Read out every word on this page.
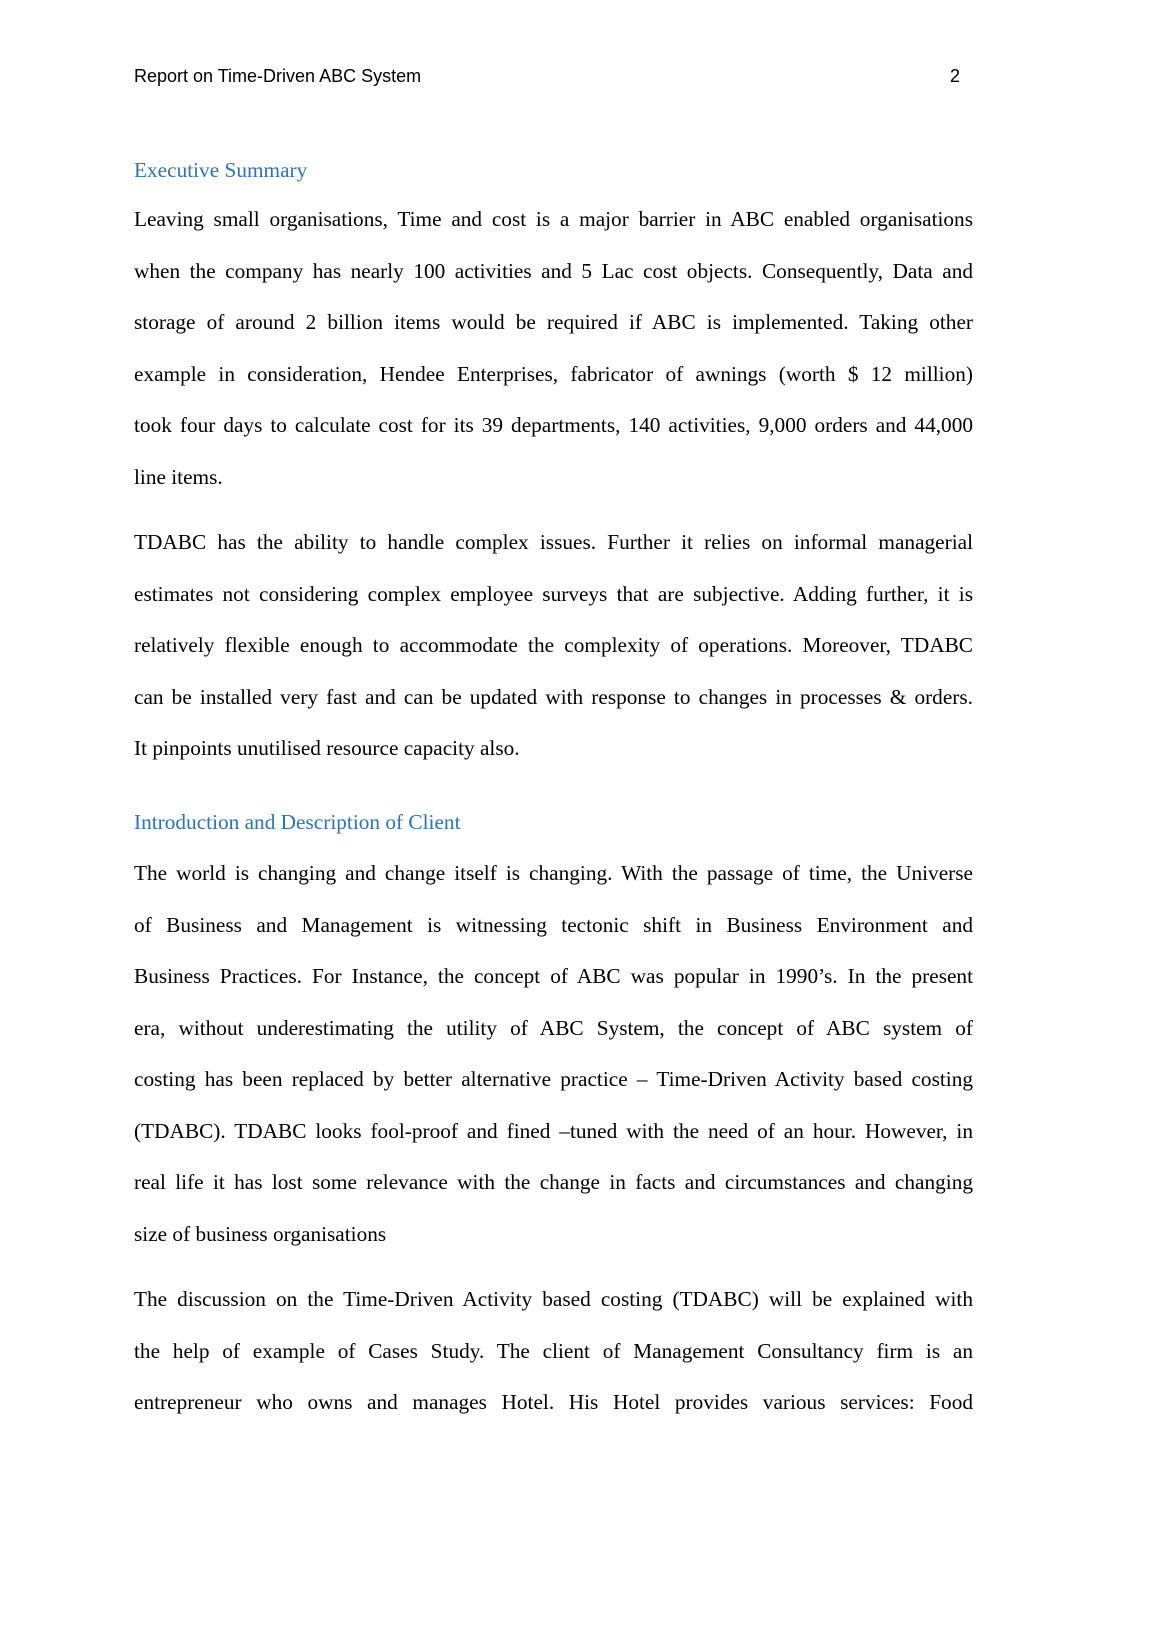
Report on Time-Driven ABC System	2
Executive Summary
Leaving small organisations, Time and cost is a major barrier in ABC enabled organisations
when the company has nearly 100 activities and 5 Lac cost objects. Consequently, Data and
storage of around 2 billion items would be required if ABC is implemented. Taking other
example in consideration, Hendee Enterprises, fabricator of awnings (worth $ 12 million)
took four days to calculate cost for its 39 departments, 140 activities, 9,000 orders and 44,000
line items.
TDABC has the ability to handle complex issues. Further it relies on informal managerial
estimates not considering complex employee surveys that are subjective. Adding further, it is
relatively flexible enough to accommodate the complexity of operations. Moreover, TDABC
can be installed very fast and can be updated with response to changes in processes & orders.
It pinpoints unutilised resource capacity also.
Introduction and Description of Client
The world is changing and change itself is changing. With the passage of time, the Universe
of Business and Management is witnessing tectonic shift in Business Environment and
Business Practices. For Instance, the concept of ABC was popular in 1990’s. In the present
era, without underestimating the utility of ABC System, the concept of ABC system of
costing has been replaced by better alternative practice – Time-Driven Activity based costing
(TDABC). TDABC looks fool-proof and fined –tuned with the need of an hour. However, in
real life it has lost some relevance with the change in facts and circumstances and changing
size of business organisations
The discussion on the Time-Driven Activity based costing (TDABC) will be explained with
the help of example of Cases Study. The client of Management Consultancy firm is an
entrepreneur who owns and manages Hotel. His Hotel provides various services: Food
